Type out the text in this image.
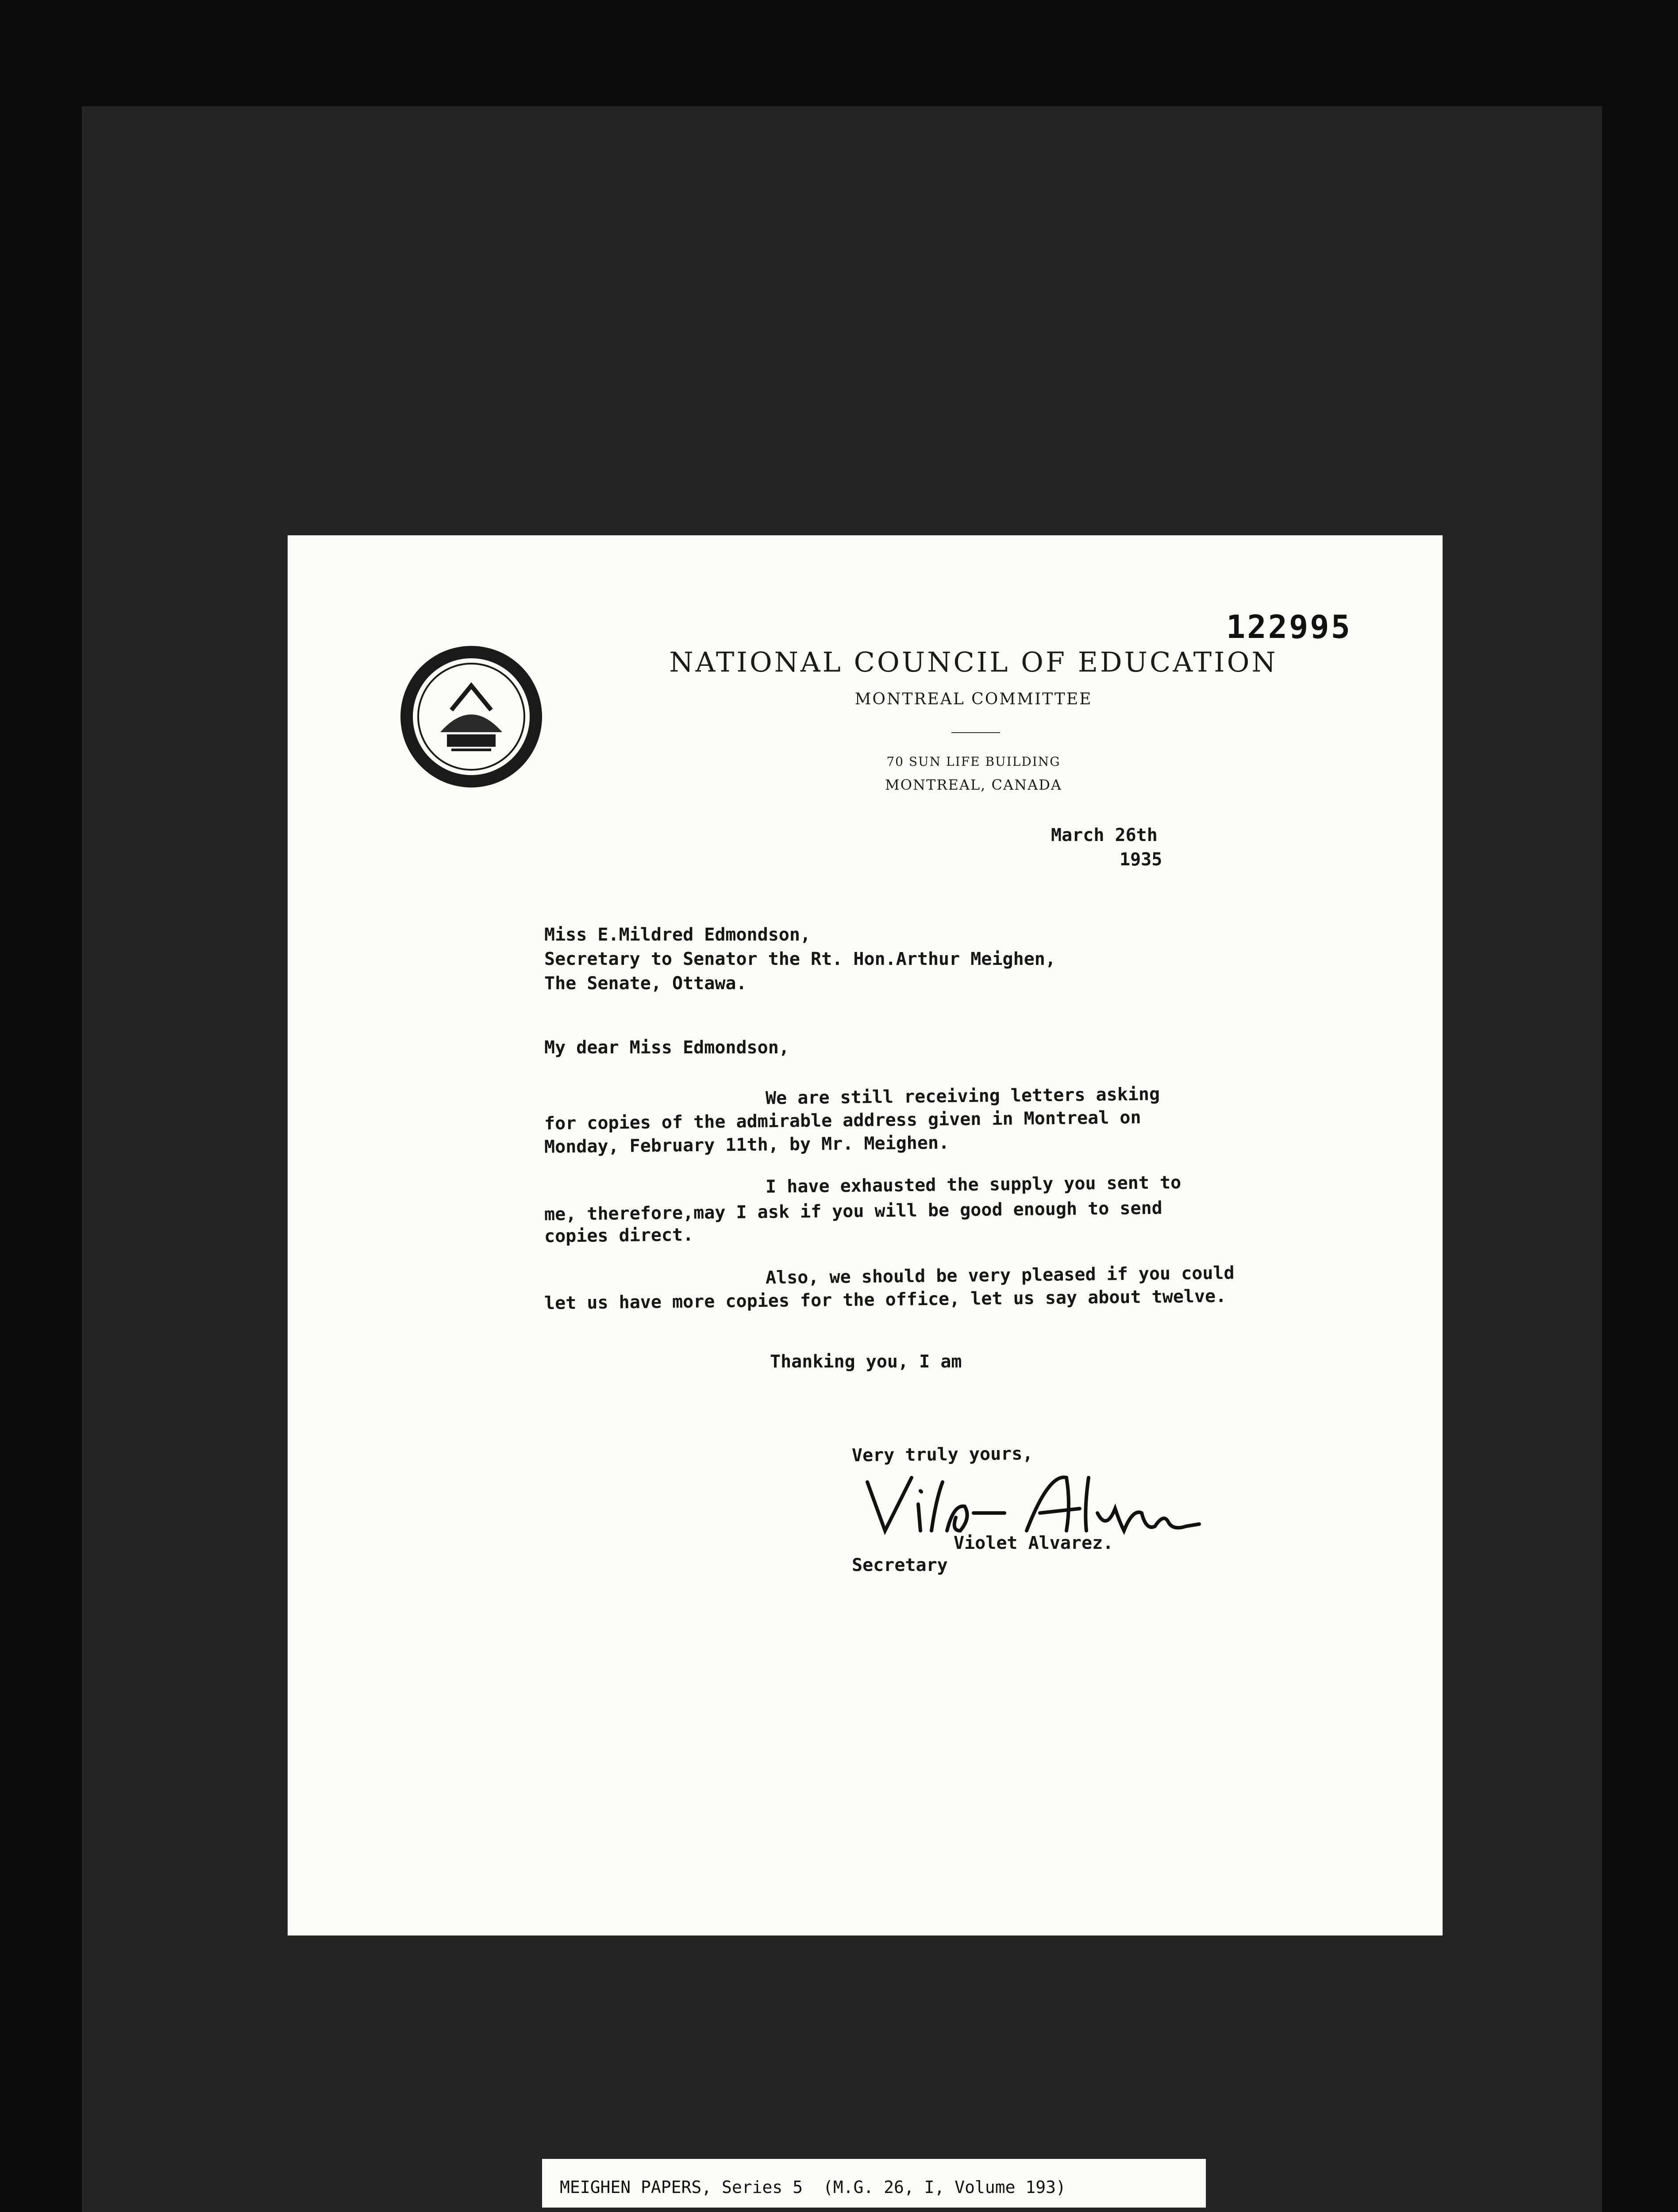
122995
NATIONAL COUNCIL OF EDUCATION
MONTREAL COMMITTEE
70 SUN LIFE BUILDING
MONTREAL, CANADA
March 26th
1935
Miss E.Mildred Edmondson,
Secretary to Senator the Rt. Hon.Arthur Meighen,
The Senate, Ottawa.
My dear Miss Edmondson,
We are still receiving letters asking
for copies of the admirable address given in Montreal on
Monday, February 11th, by Mr. Meighen.
I have exhausted the supply you sent to
me, therefore,may I ask if you will be good enough to send
copies direct.
Also, we should be very pleased if you could
let us have more copies for the office, let us say about twelve.
Thanking you, I am
Very truly yours,
Violet Alvarez.
Secretary
MEIGHEN PAPERS, Series 5  (M.G. 26, I, Volume 193)
